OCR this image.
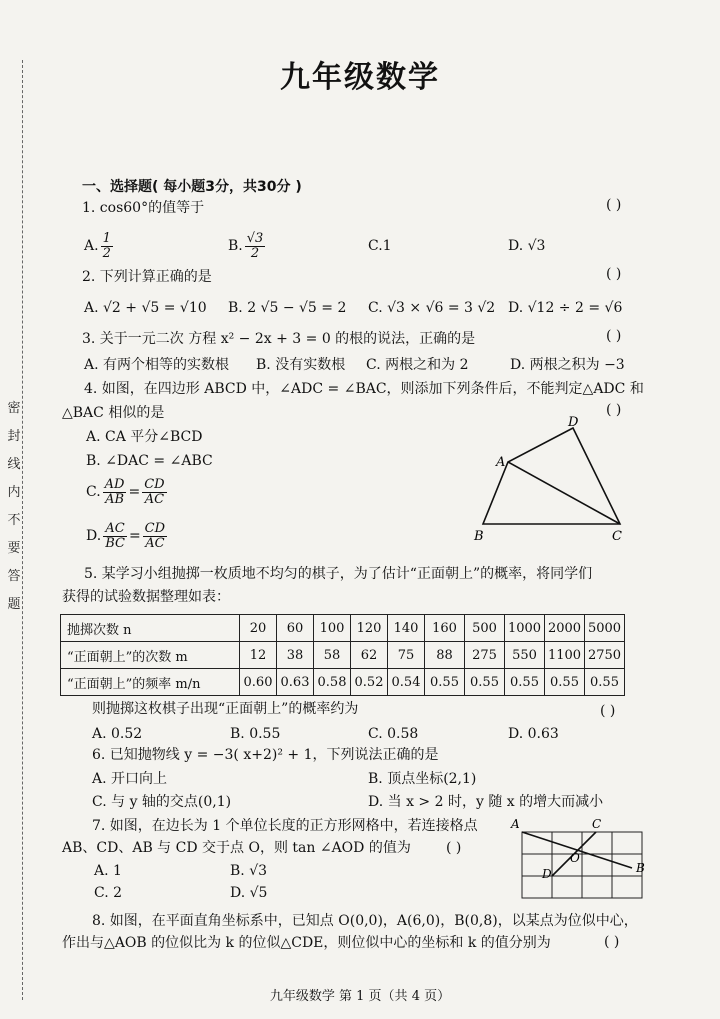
密
封
线
内
不
要
答
题
九年级数学
一、选择题( 每小题3分，共30分 )
1. cos60°的值等于	( )
A. $\frac{1}{2}$	B. $\frac{√3}{2}$	C.1	D. √3
2. 下列计算正确的是	( )
A. √2 + √5 = √10 B. 2 √5 − √5 = 2 C. √3 × √6 = 3 √2 D. √12 ÷ 2 = √6
3. 关于一元二次 方程 x² − 2x + 3 = 0 的根的说法，正确的是	( )
A. 有两个相等的实数根 B. 没有实数根 C. 两根之和为 2	D. 两根之积为 −3
4. 如图，在四边形 ABCD 中，∠ADC = ∠BAC，则添加下列条件后，不能判定△ADC 和
△BAC 相似的是	( )
A. CA 平分∠BCD
B. ∠DAC = ∠ABC
C. $\frac{AD}{AB} = \frac{CD}{AC}$
D. $\frac{AC}{BC} = \frac{CD}{AC}$
A
D
B	C
5. 某学习小组抛掷一枚质地不均匀的棋子，为了估计“正面朝上”的概率，将同学们
获得的试验数据整理如表：
抛掷次数 n	20	60	100	120	140	160	500	1000	2000	5000
“正面朝上”的次数 m	12	38	58	62	75	88	275	550	1100	2750
“正面朝上”的频率 m/n	0.60	0.63	0.58	0.52	0.54	0.55	0.55	0.55	0.55	0.55
则抛掷这枚棋子出现“正面朝上”的概率约为	( )
A. 0.52	B. 0.55	C. 0.58	D. 0.63
6. 已知抛物线 y = −3( x+2)² + 1，下列说法正确的是
A. 开口向上	B. 顶点坐标(2,1)
C. 与 y 轴的交点(0,1)	D. 当 x > 2 时，y 随 x 的增大而减小
7. 如图，在边长为 1 个单位长度的正方形网格中，若连接格点
AB、CD、AB 与 CD 交于点 O，则 tan ∠AOD 的值为	( )
A. 1	B. √3
C. 2	D. √5
A	C
B
D
O
8. 如图，在平面直角坐标系中，已知点 O(0,0)，A(6,0)，B(0,8)，以某点为位似中心，
作出与△AOB 的位似比为 k 的位似△CDE，则位似中心的坐标和 k 的值分别为	( )
九年级数学 第 1 页（共 4 页）
